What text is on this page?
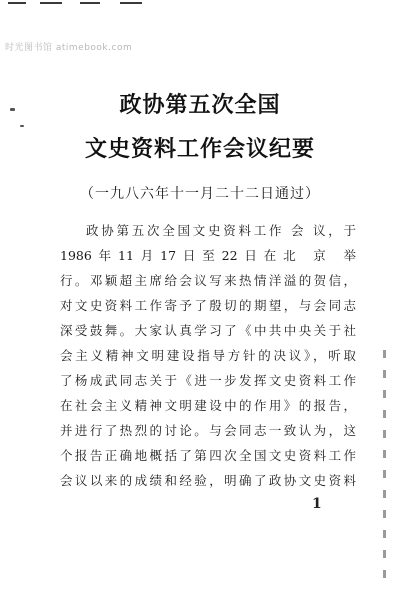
时光图书馆 atimebook.com
政协第五次全国
文史资料工作会议纪要
（一九八六年十一月二十二日通过）
政协第五次全国文史资料工作 会 议，于
1986年11月17日至22日在北 京 举
行。邓颖超主席给会议写来热情洋溢的贺信，
对文史资料工作寄予了殷切的期望，与会同志
深受鼓舞。大家认真学习了《中共中央关于社
会主义精神文明建设指导方针的决议》，听取
了杨成武同志关于《进一步发挥文史资料工作
在社会主义精神文明建设中的作用》的报告，
并进行了热烈的讨论。与会同志一致认为，这
个报告正确地概括了第四次全国文史资料工作
会议以来的成绩和经验，明确了政协文史资料
1
